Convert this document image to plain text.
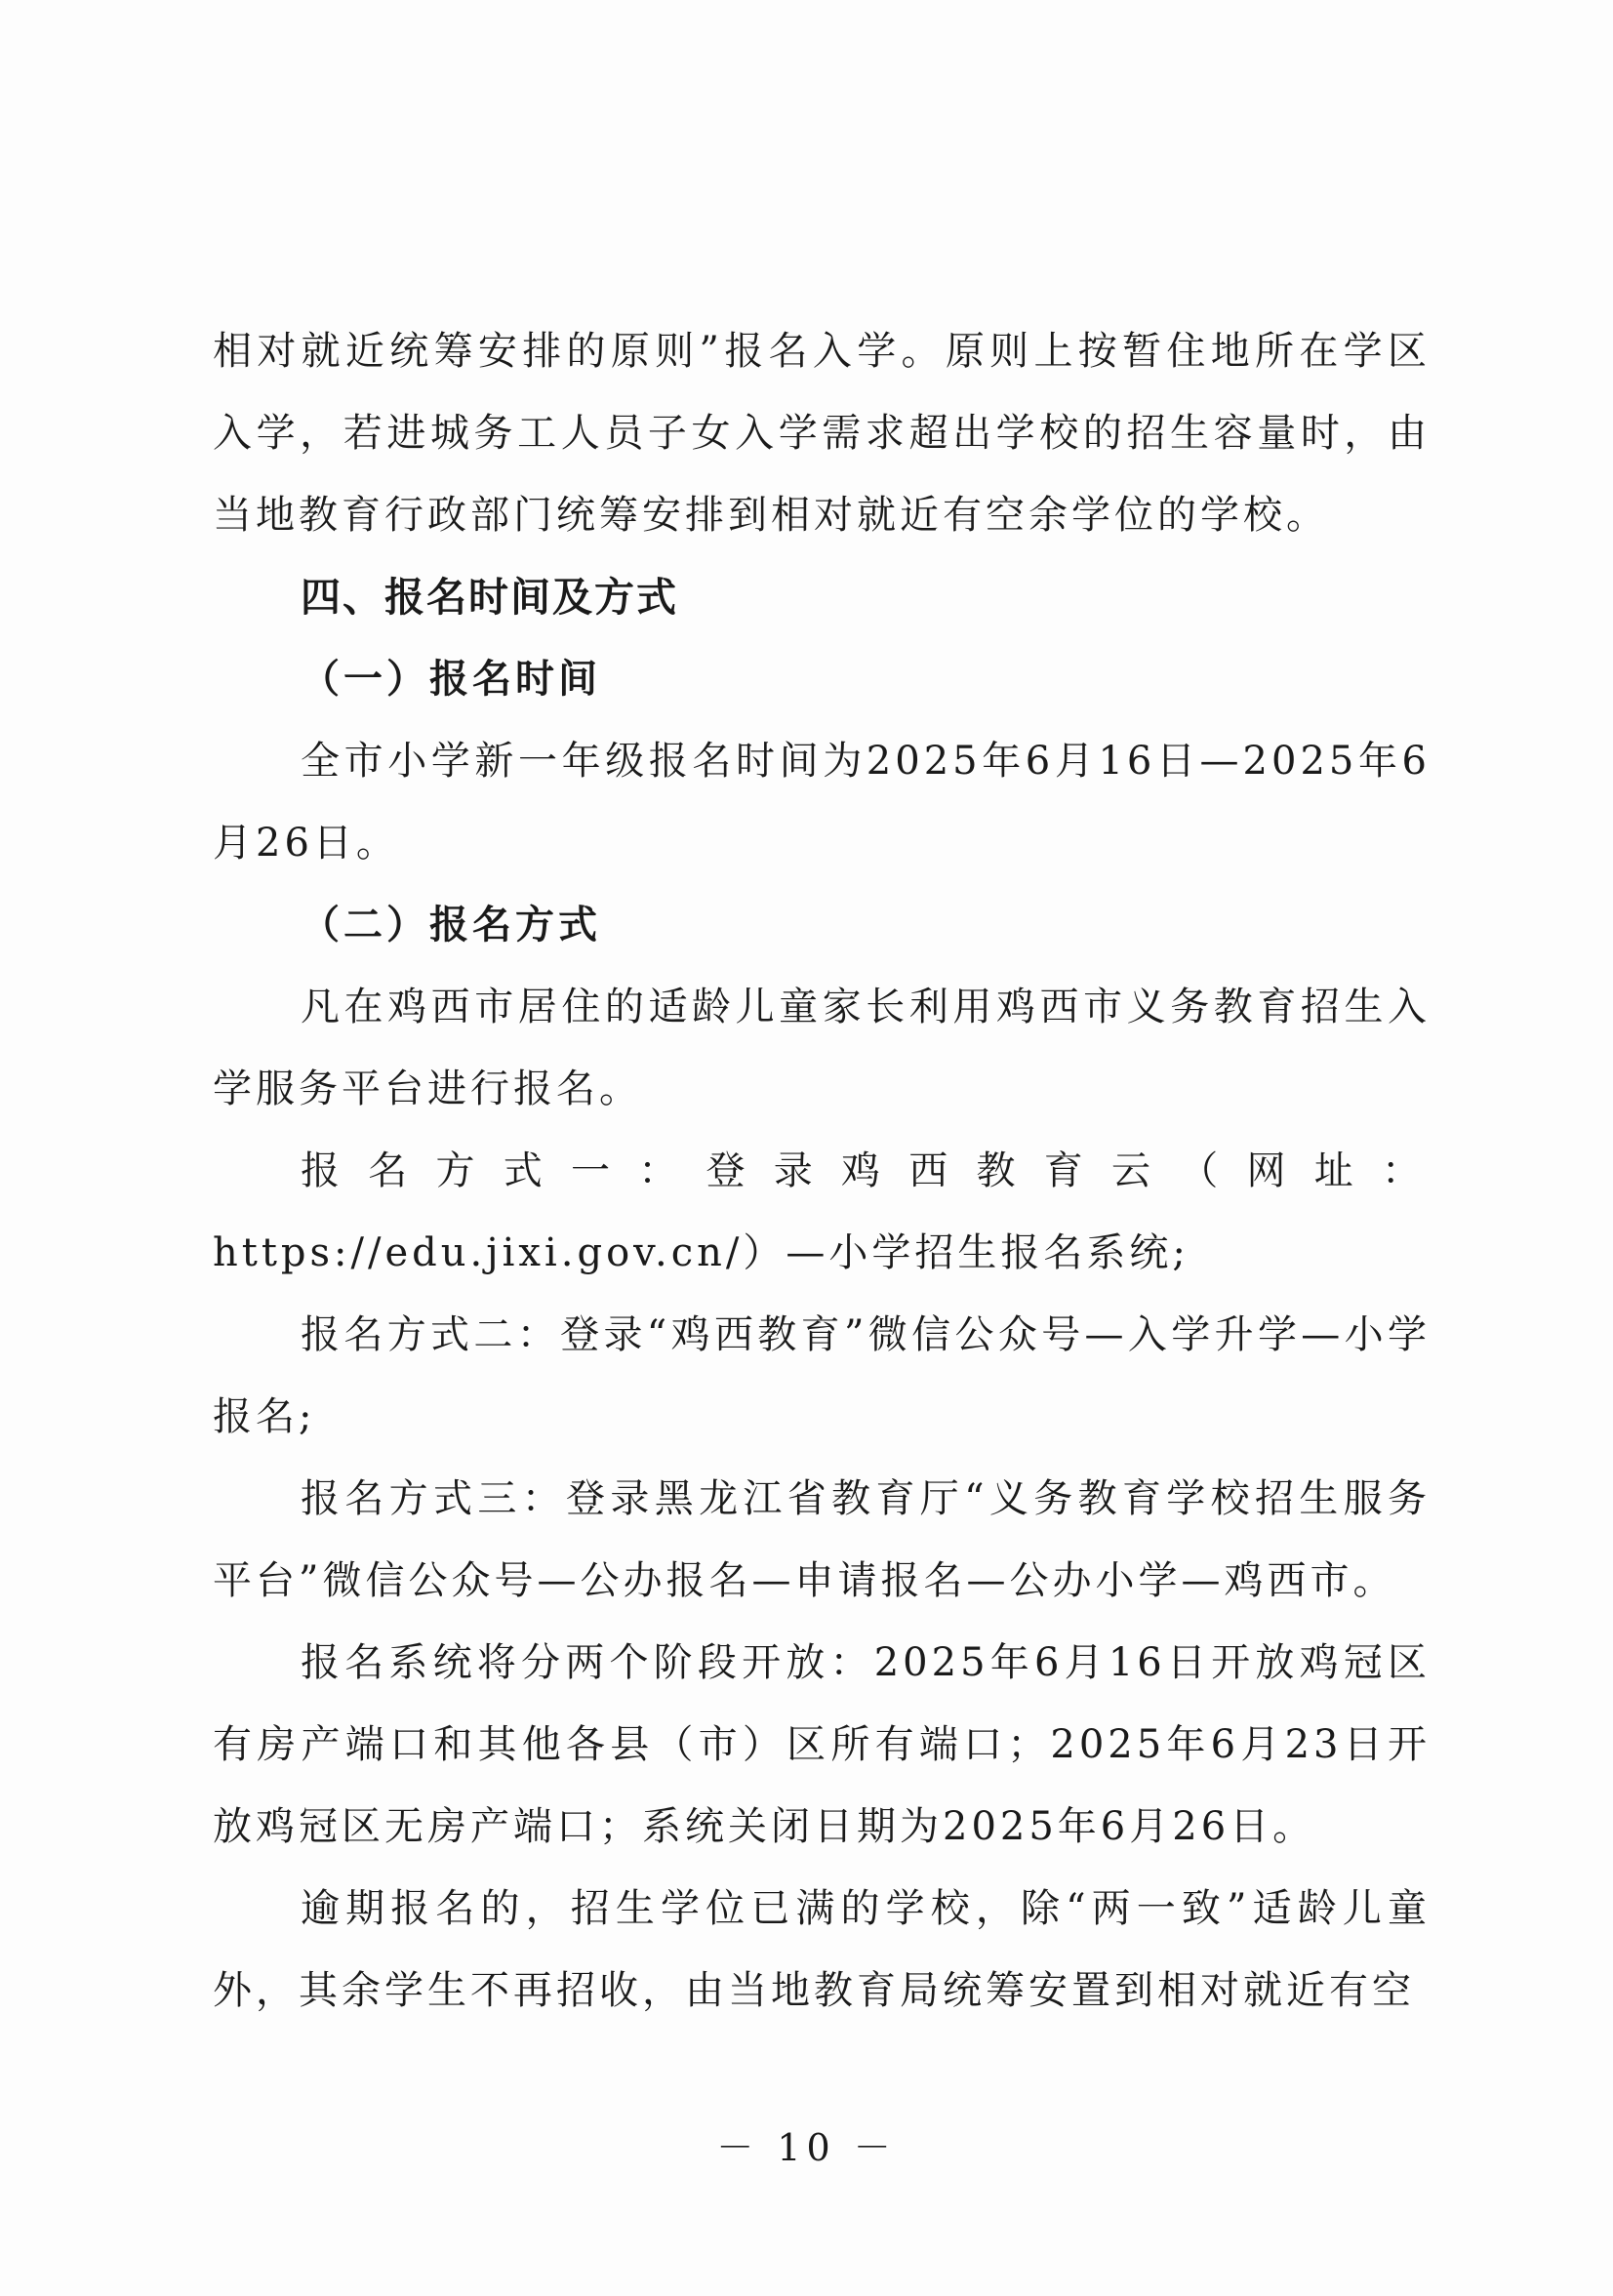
相对就近统筹安排的原则”报名入学。原则上按暂住地所在学区入学，若进城务工人员子女入学需求超出学校的招生容量时，由当地教育行政部门统筹安排到相对就近有空余学位的学校。

四、报名时间及方式

（一）报名时间

全市小学新一年级报名时间为2025年6月16日—2025年6月26日。

（二）报名方式

凡在鸡西市居住的适龄儿童家长利用鸡西市义务教育招生入学服务平台进行报名。

报名方式一：登录鸡西教育云（网址：

https://edu.jixi.gov.cn/）—小学招生报名系统;

报名方式二：登录“鸡西教育”微信公众号—入学升学—小学报名;

报名方式三：登录黑龙江省教育厅“义务教育学校招生服务平台”微信公众号—公办报名—申请报名—公办小学—鸡西市。

报名系统将分两个阶段开放：2025年6月16日开放鸡冠区有房产端口和其他各县（市）区所有端口；2025年6月23日开放鸡冠区无房产端口；系统关闭日期为2025年6月26日。

逾期报名的，招生学位已满的学校，除“两一致”适龄儿童外，其余学生不再招收，由当地教育局统筹安置到相对就近有空

－ 10 －
